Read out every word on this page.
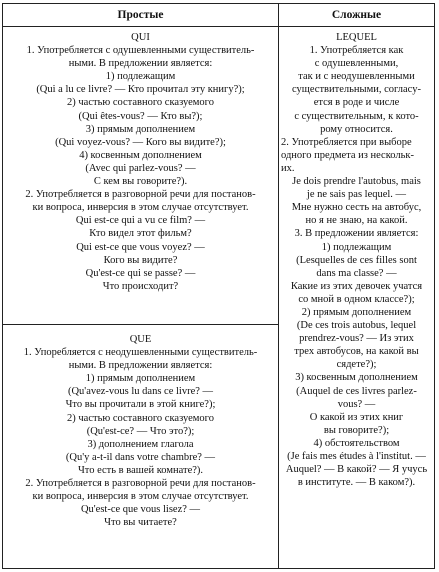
Простые	Сложные

QUI

1. Употребляется с одушевленными существитель-

ными. В предложении является:

1) подлежащим

(Qui a lu ce livre? — Кто прочитал эту книгу?);

2) частью составного сказуемого

(Qui êtes-vous? — Кто вы?);

3) прямым дополнением

(Qui voyez-vous? — Кого вы видите?);

4) косвенным дополнением

(Avec qui parlez-vous? —

С кем вы говорите?).

2. Употребляется в разговорной речи для постанов-

ки вопроса, инверсия в этом случае отсутствует.

Qui est-ce qui a vu ce film? —

Кто видел этот фильм?

Qui est-ce que vous voyez? —

Кого вы видите?

Qu'est-ce qui se passe? —

Что происходит?

QUE

1. Упоребляется с неодушевленными существитель-

ными. В предложении является:

1) прямым дополнением

(Qu'avez-vous lu dans ce livre? —

Что вы прочитали в этой книге?);

2) частью составного сказуемого

(Qu'est-ce? — Что это?);

3) дополнением глагола

(Qu'y a-t-il dans votre chambre? —

Что есть в вашей комнате?).

2. Употребляется в разговорной речи для постанов-

ки вопроса, инверсия в этом случае отсутствует.

Qu'est-ce que vous lisez? —

Что вы читаете?

LEQUEL

1. Употребляется как

с одушевленными,

так и с неодушевленными

существительными, согласу-

ется в роде и числе

с существительным, к кото-

рому относится.

2. Употребляется при выборе

одного предмета из нескольк-

их.

Je dois prendre l'autobus, mais

je ne sais pas lequel. —

Мне нужно сесть на автобус,

но я не знаю, на какой.

3. В предложении является:

1) подлежащим

(Lesquelles de ces filles sont

dans ma classe? —

Какие из этих девочек учатся

со мной в одном классе?);

2) прямым дополнением

(De ces trois autobus, lequel

prendrez-vous? — Из этих

трех автобусов, на какой вы

сядете?);

3) косвенным дополнением

(Auquel de ces livres parlez-

vous? —

О какой из этих книг

вы говорите?);

4) обстоятельством

(Je fais mes études à l'institut. —

Auquel? — В какой? — Я учусь

в институте. — В каком?).
